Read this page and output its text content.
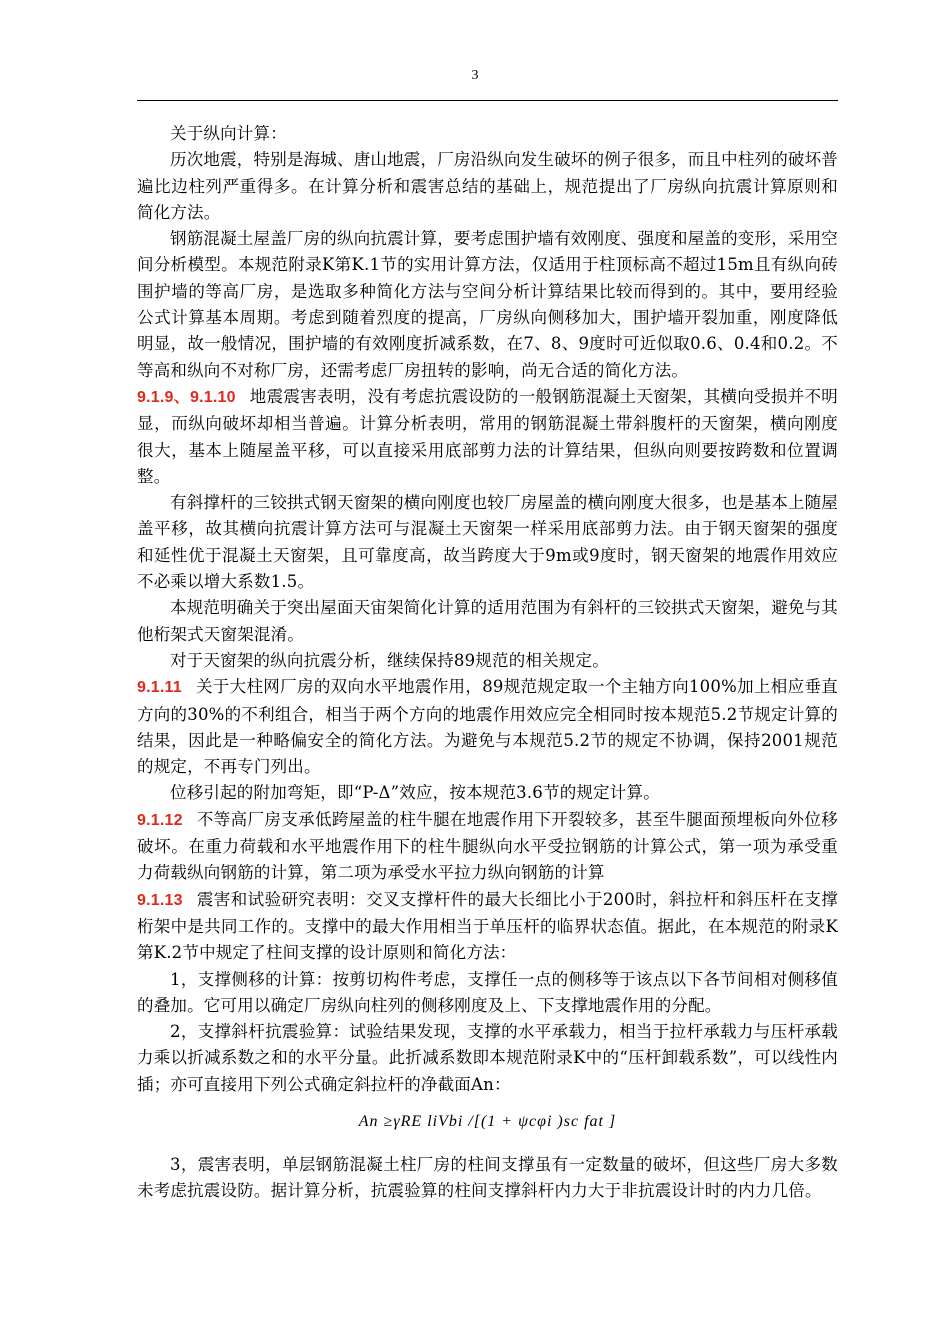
3

关于纵向计算：

历次地震，特别是海城、唐山地震，厂房沿纵向发生破坏的例子很多，而且中柱列的破坏普遍比边柱列严重得多。在计算分析和震害总结的基础上，规范提出了厂房纵向抗震计算原则和简化方法。

钢筋混凝土屋盖厂房的纵向抗震计算，要考虑围护墙有效刚度、强度和屋盖的变形，采用空间分析模型。本规范附录K第K.1节的实用计算方法，仅适用于柱顶标高不超过15m且有纵向砖围护墙的等高厂房，是选取多种简化方法与空间分析计算结果比较而得到的。其中，要用经验公式计算基本周期。考虑到随着烈度的提高，厂房纵向侧移加大，围护墙开裂加重，刚度降低明显，故一般情况，围护墙的有效刚度折减系数，在7、8、9度时可近似取0.6、0.4和0.2。不等高和纵向不对称厂房，还需考虑厂房扭转的影响，尚无合适的简化方法。

9.1.9、9.1.10 地震震害表明，没有考虑抗震设防的一般钢筋混凝土天窗架，其横向受损并不明显，而纵向破坏却相当普遍。计算分析表明，常用的钢筋混凝土带斜腹杆的天窗架，横向刚度很大，基本上随屋盖平移，可以直接采用底部剪力法的计算结果，但纵向则要按跨数和位置调整。

有斜撑杆的三铰拱式钢天窗架的横向刚度也较厂房屋盖的横向刚度大很多，也是基本上随屋盖平移，故其横向抗震计算方法可与混凝土天窗架一样采用底部剪力法。由于钢天窗架的强度和延性优于混凝土天窗架，且可靠度高，故当跨度大于9m或9度时，钢天窗架的地震作用效应不必乘以增大系数1.5。

本规范明确关于突出屋面天宙架简化计算的适用范围为有斜杆的三铰拱式天窗架，避免与其他桁架式天窗架混淆。

对于天窗架的纵向抗震分析，继续保持89规范的相关规定。

9.1.11 关于大柱网厂房的双向水平地震作用，89规范规定取一个主轴方向100%加上相应垂直方向的30%的不利组合，相当于两个方向的地震作用效应完全相同时按本规范5.2节规定计算的结果，因此是一种略偏安全的简化方法。为避免与本规范5.2节的规定不协调，保持2001规范的规定，不再专门列出。

位移引起的附加弯矩，即“P-Δ”效应，按本规范3.6节的规定计算。

9.1.12 不等高厂房支承低跨屋盖的柱牛腿在地震作用下开裂较多，甚至牛腿面预埋板向外位移破坏。在重力荷载和水平地震作用下的柱牛腿纵向水平受拉钢筋的计算公式，第一项为承受重力荷载纵向钢筋的计算，第二项为承受水平拉力纵向钢筋的计算

9.1.13 震害和试验研究表明：交叉支撑杆件的最大长细比小于200时，斜拉杆和斜压杆在支撑桁架中是共同工作的。支撑中的最大作用相当于单压杆的临界状态值。据此，在本规范的附录K第K.2节中规定了柱间支撑的设计原则和简化方法：

1，支撑侧移的计算：按剪切构件考虑，支撑任一点的侧移等于该点以下各节间相对侧移值的叠加。它可用以确定厂房纵向柱列的侧移刚度及上、下支撑地震作用的分配。

2，支撑斜杆抗震验算：试验结果发现，支撑的水平承载力，相当于拉杆承载力与压杆承载力乘以折减系数之和的水平分量。此折减系数即本规范附录K中的“压杆卸载系数”，可以线性内插；亦可直接用下列公式确定斜拉杆的净截面An：

An ≥γRE liVbi /[(1 + ψcφi )sc fat ]

3，震害表明，单层钢筋混凝土柱厂房的柱间支撑虽有一定数量的破坏，但这些厂房大多数未考虑抗震设防。据计算分析，抗震验算的柱间支撑斜杆内力大于非抗震设计时的内力几倍。
